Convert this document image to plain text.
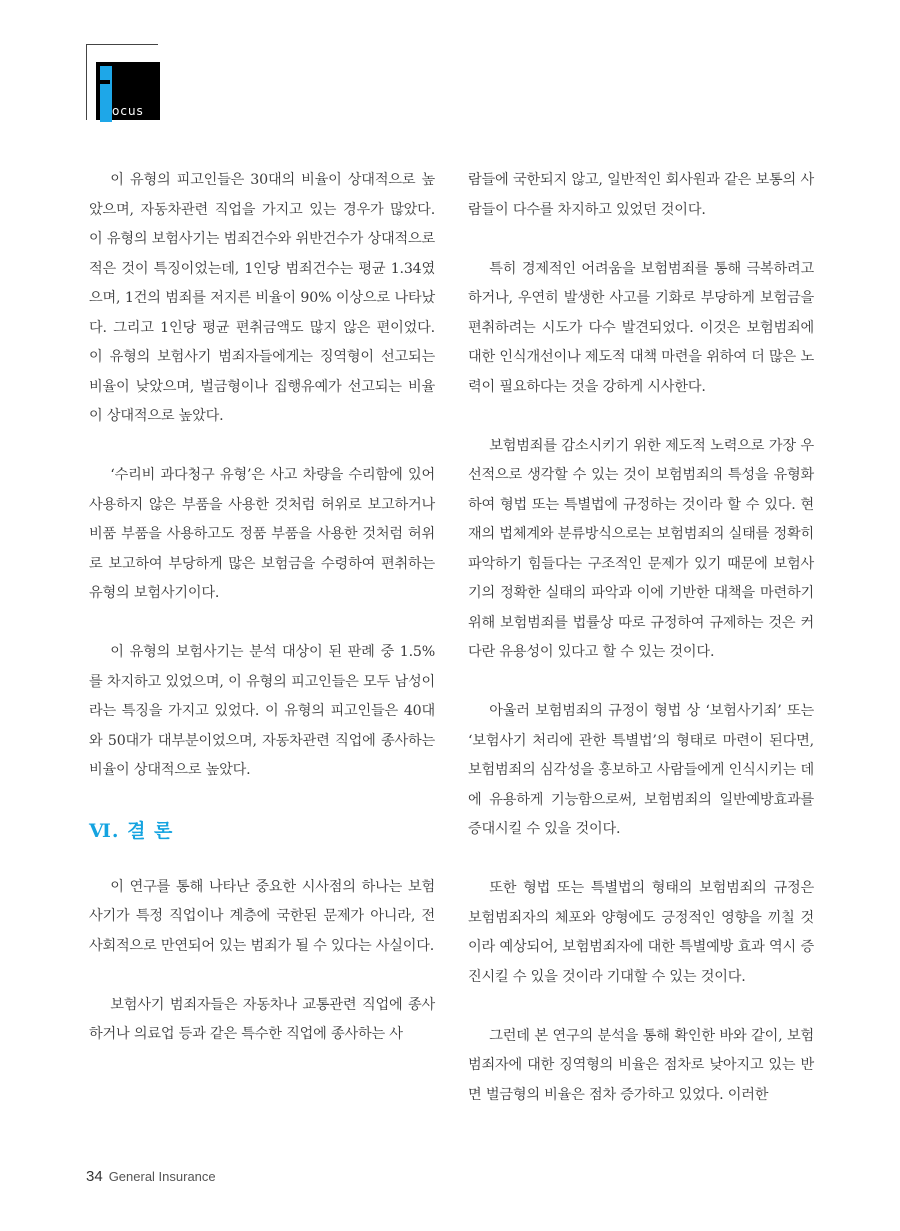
ocus

이 유형의 피고인들은 30대의 비율이 상대적으로 높았으며, 자동차관련 직업을 가지고 있는 경우가 많았다. 이 유형의 보험사기는 범죄건수와 위반건수가 상대적으로 적은 것이 특징이었는데, 1인당 범죄건수는 평균 1.34였으며, 1건의 범죄를 저지른 비율이 90% 이상으로 나타났다. 그리고 1인당 평균 편취금액도 많지 않은 편이었다. 이 유형의 보험사기 범죄자들에게는 징역형이 선고되는 비율이 낮았으며, 벌금형이나 집행유예가 선고되는 비율이 상대적으로 높았다.

‘수리비 과다청구 유형’은 사고 차량을 수리함에 있어 사용하지 않은 부품을 사용한 것처럼 허위로 보고하거나 비품 부품을 사용하고도 정품 부품을 사용한 것처럼 허위로 보고하여 부당하게 많은 보험금을 수령하여 편취하는 유형의 보험사기이다.

이 유형의 보험사기는 분석 대상이 된 판례 중 1.5%를 차지하고 있었으며, 이 유형의 피고인들은 모두 남성이라는 특징을 가지고 있었다. 이 유형의 피고인들은 40대와 50대가 대부분이었으며, 자동차관련 직업에 종사하는 비율이 상대적으로 높았다.

Ⅵ. 결 론

이 연구를 통해 나타난 중요한 시사점의 하나는 보험사기가 특정 직업이나 계층에 국한된 문제가 아니라, 전 사회적으로 만연되어 있는 범죄가 될 수 있다는 사실이다.

보험사기 범죄자들은 자동차나 교통관련 직업에 종사하거나 의료업 등과 같은 특수한 직업에 종사하는 사

람들에 국한되지 않고, 일반적인 회사원과 같은 보통의 사람들이 다수를 차지하고 있었던 것이다.

특히 경제적인 어려움을 보험범죄를 통해 극복하려고 하거나, 우연히 발생한 사고를 기화로 부당하게 보험금을 편취하려는 시도가 다수 발견되었다. 이것은 보험범죄에 대한 인식개선이나 제도적 대책 마련을 위하여 더 많은 노력이 필요하다는 것을 강하게 시사한다.

보험범죄를 감소시키기 위한 제도적 노력으로 가장 우선적으로 생각할 수 있는 것이 보험범죄의 특성을 유형화하여 형법 또는 특별법에 규정하는 것이라 할 수 있다. 현재의 법체계와 분류방식으로는 보험범죄의 실태를 정확히 파악하기 힘들다는 구조적인 문제가 있기 때문에 보험사기의 정확한 실태의 파악과 이에 기반한 대책을 마련하기 위해 보험범죄를 법률상 따로 규정하여 규제하는 것은 커다란 유용성이 있다고 할 수 있는 것이다.

아울러 보험범죄의 규정이 형법 상 ‘보험사기죄’ 또는 ‘보험사기 처리에 관한 특별법’의 형태로 마련이 된다면, 보험범죄의 심각성을 홍보하고 사람들에게 인식시키는 데에 유용하게 기능함으로써, 보험범죄의 일반예방효과를 증대시킬 수 있을 것이다.

또한 형법 또는 특별법의 형태의 보험범죄의 규정은 보험범죄자의 체포와 양형에도 긍정적인 영향을 끼칠 것이라 예상되어, 보험범죄자에 대한 특별예방 효과 역시 증진시킬 수 있을 것이라 기대할 수 있는 것이다.

그런데 본 연구의 분석을 통해 확인한 바와 같이, 보험범죄자에 대한 징역형의 비율은 점차로 낮아지고 있는 반면 벌금형의 비율은 점차 증가하고 있었다. 이러한

34 General Insurance
